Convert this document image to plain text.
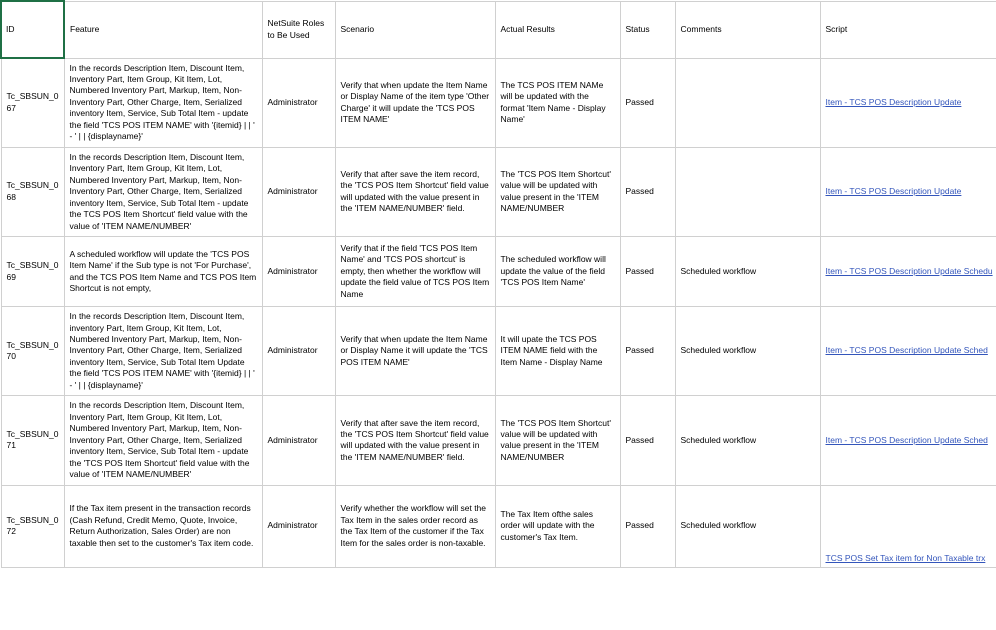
ID	Feature	NetSuite Roles to Be Used	Scenario	Actual Results	Status	Comments	Script
Tc_SBSUN_067	In the records Description Item, Discount Item, Inventory Part, Item Group, Kit Item, Lot, Numbered Inventory Part, Markup, Item, Non-Inventory Part, Other Charge, Item, Serialized inventory Item, Service, Sub Total Item - update the field 'TCS POS ITEM NAME' with '{itemid} | | ' - ' | | {displayname}'	Administrator	Verify that when update the Item Name or Display Name of the item type 'Other Charge' it will update the 'TCS POS ITEM NAME'	The TCS POS ITEM NAMe will be updated with the format 'Item Name - Display Name'	Passed		Item - TCS POS Description Update
Tc_SBSUN_068	In the records Description Item, Discount Item, Inventory Part, Item Group, Kit Item, Lot, Numbered Inventory Part, Markup, Item, Non-Inventory Part, Other Charge, Item, Serialized inventory Item, Service, Sub Total Item - update the TCS POS Item Shortcut' field value with the value of 'ITEM NAME/NUMBER'	Administrator	Verify that after save the item record, the 'TCS POS Item Shortcut' field value will updated with the value present in the 'ITEM NAME/NUMBER' field.	The 'TCS POS Item Shortcut' value will be updated with value present in the 'ITEM NAME/NUMBER	Passed		Item - TCS POS Description Update
Tc_SBSUN_069	A scheduled workflow will update the 'TCS POS Item Name' if the Sub type is not 'For Purchase', and the TCS POS Item Name and TCS POS Item Shortcut is not empty,	Administrator	Verify that if the field 'TCS POS Item Name' and 'TCS POS shortcut' is empty, then whether the workflow will update the field value of TCS POS Item Name	The scheduled workflow will update the value of the field 'TCS POS Item Name'	Passed	Scheduled workflow	Item - TCS POS Description Update Schedu
Tc_SBSUN_070	In the records Description Item, Discount Item, inventory Part, Item Group, Kit Item, Lot, Numbered Inventory Part, Markup, Item, Non-Inventory Part, Other Charge, Item, Serialized inventory Item, Service, Sub Total Item Update the field 'TCS POS ITEM NAME' with '{itemid} | | ' - ' | | {displayname}'	Administrator	Verify that when update the Item Name or Display Name it will update the 'TCS POS ITEM NAME'	It will upate the TCS POS ITEM NAME field with the Item Name - Display Name	Passed	Scheduled workflow	Item - TCS POS Description Update Sched
Tc_SBSUN_071	In the records Description Item, Discount Item, Inventory Part, Item Group, Kit Item, Lot, Numbered Inventory Part, Markup, Item, Non-Inventory Part, Other Charge, Item, Serialized inventory Item, Service, Sub Total Item - update the 'TCS POS Item Shortcut' field value with the value of 'ITEM NAME/NUMBER'	Administrator	Verify that after save the item record, the 'TCS POS Item Shortcut' field value will updated with the value present in the 'ITEM NAME/NUMBER' field.	The 'TCS POS Item Shortcut' value will be updated with value present in the 'ITEM NAME/NUMBER	Passed	Scheduled workflow	Item - TCS POS Description Update Sched
Tc_SBSUN_072	If the Tax item present in the transaction records (Cash Refund, Credit Memo, Quote, Invoice, Return Authorization, Sales Order) are non taxable then set to the customer's Tax item code.	Administrator	Verify whether the workflow will set the Tax Item in the sales order record as the Tax Item of the customer if the Tax Item for the sales order is non-taxable.	The Tax Item ofthe sales order will update with the customer's Tax Item.	Passed	Scheduled workflow	TCS POS Set Tax item for Non Taxable trx
